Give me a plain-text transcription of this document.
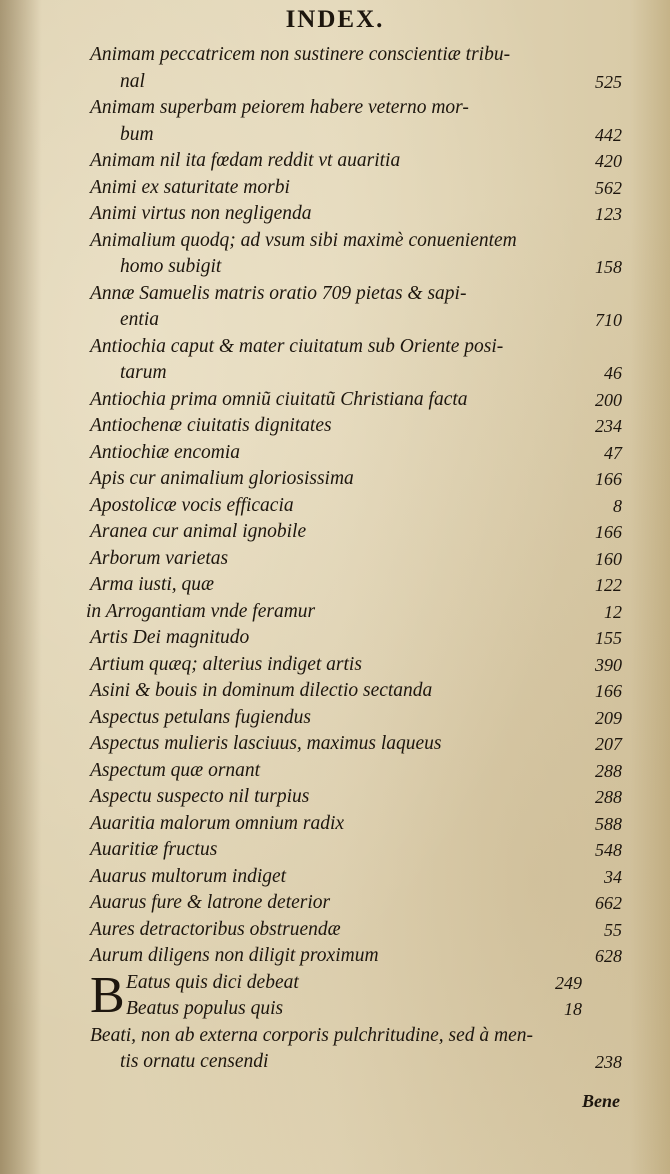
INDEX.
Animam peccatricem non sustinere conscientiæ tribu-
nal	525
Animam superbam peiorem habere veterno mor-
bum	442
Animam nil ita fœdam reddit vt auaritia	420
Animi ex saturitate morbi	562
Animi virtus non negligenda	123
Animalium quodq; ad vsum sibi maximè conuenientem
homo subigit	158
Annæ Samuelis matris oratio 709 pietas & sapi-
entia	710
Antiochia caput & mater ciuitatum sub Oriente posi-
tarum	46
Antiochia prima omniũ ciuitatũ Christiana facta	200
Antiochenæ ciuitatis dignitates	234
Antiochiæ encomia	47
Apis cur animalium gloriosissima	166
Apostolicæ vocis efficacia	8
Aranea cur animal ignobile	166
Arborum varietas	160
Arma iusti, quæ	122
in Arrogantiam vnde feramur	12
Artis Dei magnitudo	155
Artium quæq; alterius indiget artis	390
Asini & bouis in dominum dilectio sectanda	166
Aspectus petulans fugiendus	209
Aspectus mulieris lasciuus, maximus laqueus	207
Aspectum quæ ornant	288
Aspectu suspecto nil turpius	288
Auaritia malorum omnium radix	588
Auaritiæ fructus	548
Auarus multorum indiget	34
Auarus fure & latrone deterior	662
Aures detractoribus obstruendæ	55
Aurum diligens non diligit proximum	628
B Eatus quis dici debeat	249
Beatus populus quis	18
Beati, non ab externa corporis pulchritudine, sed à men-
tis ornatu censendi	238
Bene
